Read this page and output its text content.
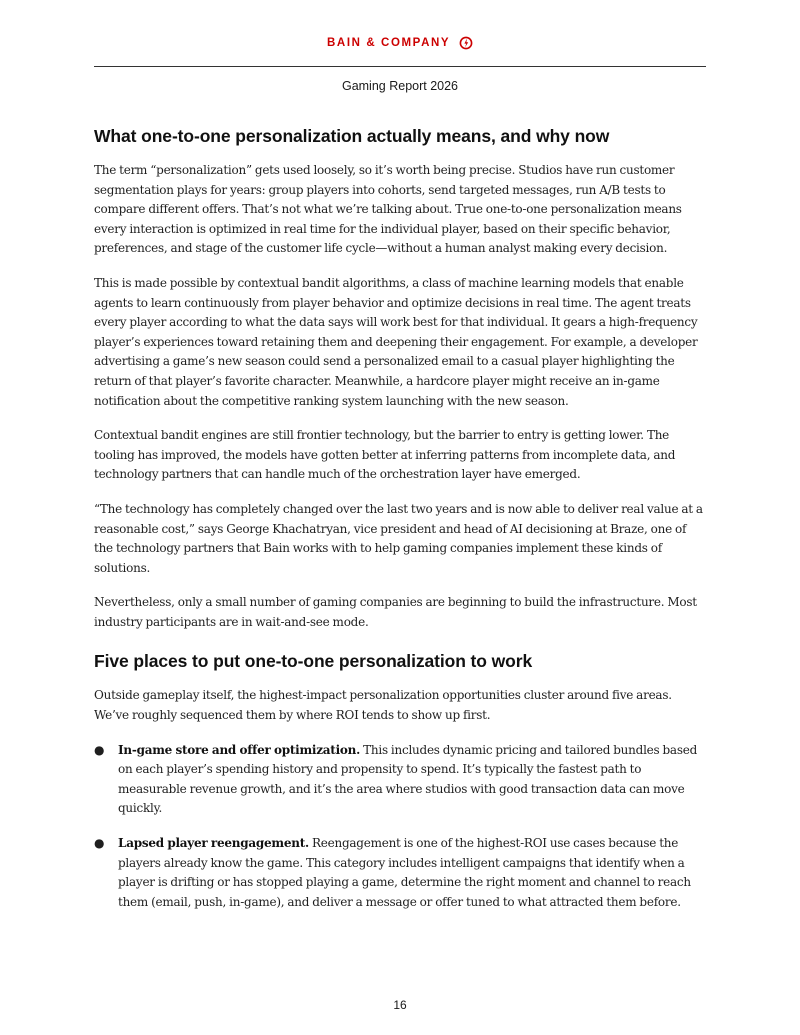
BAIN & COMPANY
Gaming Report 2026
What one-to-one personalization actually means, and why now

The term “personalization” gets used loosely, so it’s worth being precise. Studios have run customer segmentation plays for years: group players into cohorts, send targeted messages, run A/B tests to compare different offers. That’s not what we’re talking about. True one-to-one personalization means every interaction is optimized in real time for the individual player, based on their specific behavior, preferences, and stage of the customer life cycle—without a human analyst making every decision.

This is made possible by contextual bandit algorithms, a class of machine learning models that enable agents to learn continuously from player behavior and optimize decisions in real time. The agent treats every player according to what the data says will work best for that individual. It gears a high-frequency player’s experiences toward retaining them and deepening their engagement. For example, a developer advertising a game’s new season could send a personalized email to a casual player highlighting the return of that player’s favorite character. Meanwhile, a hardcore player might receive an in-game notification about the competitive ranking system launching with the new season.

Contextual bandit engines are still frontier technology, but the barrier to entry is getting lower. The tooling has improved, the models have gotten better at inferring patterns from incomplete data, and technology partners that can handle much of the orchestration layer have emerged.

“The technology has completely changed over the last two years and is now able to deliver real value at a reasonable cost,” says George Khachatryan, vice president and head of AI decisioning at Braze, one of the technology partners that Bain works with to help gaming companies implement these kinds of solutions.

Nevertheless, only a small number of gaming companies are beginning to build the infrastructure. Most industry participants are in wait-and-see mode.

Five places to put one-to-one personalization to work

Outside gameplay itself, the highest-impact personalization opportunities cluster around five areas. We’ve roughly sequenced them by where ROI tends to show up first.

● In-game store and offer optimization. This includes dynamic pricing and tailored bundles based on each player’s spending history and propensity to spend. It’s typically the fastest path to measurable revenue growth, and it’s the area where studios with good transaction data can move quickly.
● Lapsed player reengagement. Reengagement is one of the highest-ROI use cases because the players already know the game. This category includes intelligent campaigns that identify when a player is drifting or has stopped playing a game, determine the right moment and channel to reach them (email, push, in-game), and deliver a message or offer tuned to what attracted them before.
16
